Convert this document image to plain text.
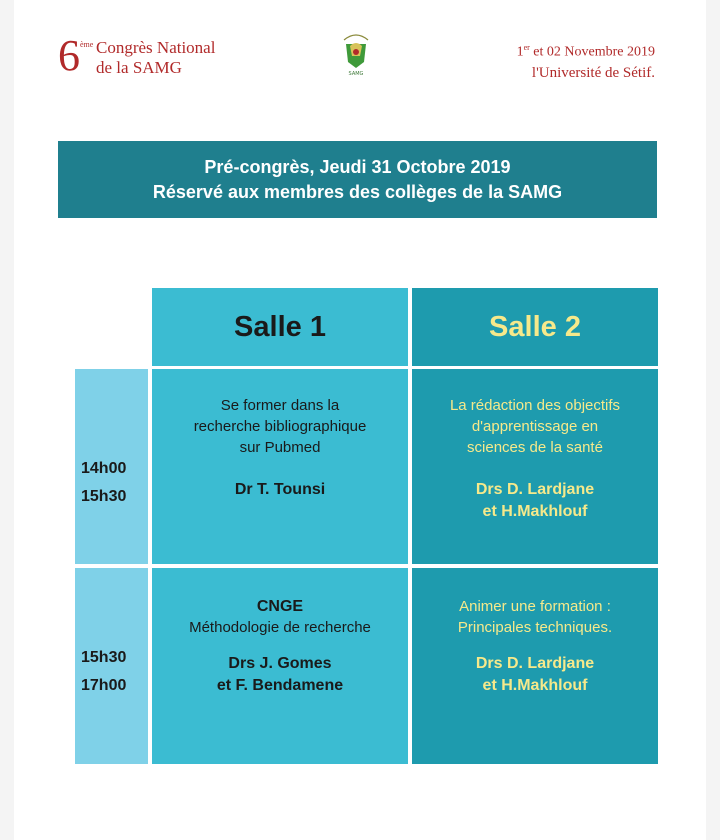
6 ème Congrès National
de la SAMG	SAMG
1er et 02 Novembre 2019
l'Université de Sétif.
Pré-congrès, Jeudi 31 Octobre 2019
Réservé aux membres des collèges de la SAMG
Salle 1	Salle 2
14h00
15h30
15h30
17h00
Se former dans la
recherche bibliographique
sur Pubmed
Dr T. Tounsi
La rédaction des objectifs
d'apprentissage en
sciences de la santé
Drs D. Lardjane
et H.Makhlouf
CNGE
Méthodologie de recherche
Drs J. Gomes
et F. Bendamene
Animer une formation :
Principales techniques.
Drs D. Lardjane
et H.Makhlouf
